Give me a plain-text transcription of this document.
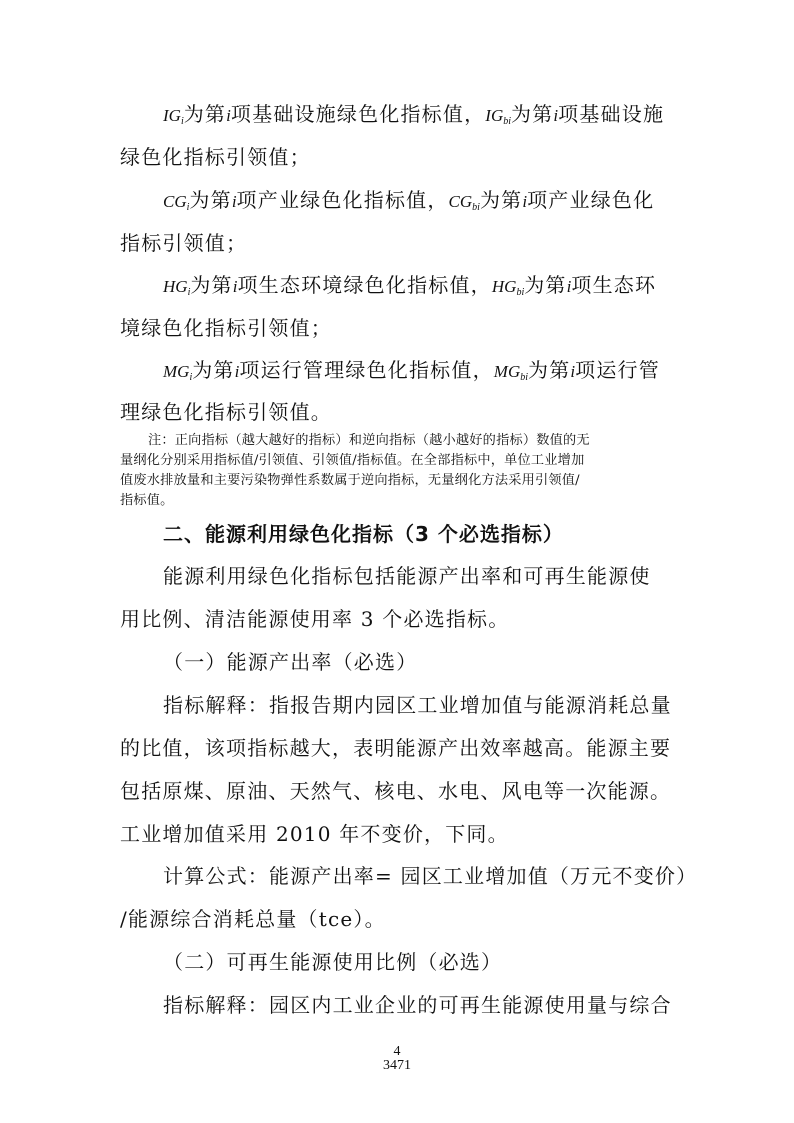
$IG_i$为第i项基础设施绿色化指标值，$IG_{bi}$为第i项基础设施
绿色化指标引领值；
$CG_i$为第i项产业绿色化指标值，$CG_{bi}$为第i项产业绿色化
指标引领值；
$HG_i$为第i项生态环境绿色化指标值，$HG_{bi}$为第i项生态环
境绿色化指标引领值；
$MG_i$为第i项运行管理绿色化指标值，$MG_{bi}$为第i项运行管
理绿色化指标引领值。
注：正向指标（越大越好的指标）和逆向指标（越小越好的指标）数值的无
量纲化分别采用指标值/引领值、引领值/指标值。在全部指标中，单位工业增加
值废水排放量和主要污染物弹性系数属于逆向指标，无量纲化方法采用引领值/
指标值。
二、能源利用绿色化指标（3 个必选指标）
能源利用绿色化指标包括能源产出率和可再生能源使
用比例、清洁能源使用率 3 个必选指标。
（一）能源产出率（必选）
指标解释：指报告期内园区工业增加值与能源消耗总量
的比值，该项指标越大，表明能源产出效率越高。能源主要
包括原煤、原油、天然气、核电、水电、风电等一次能源。
工业增加值采用 2010 年不变价，下同。
计算公式：能源产出率= 园区工业增加值（万元不变价）
/能源综合消耗总量（tce）。
（二）可再生能源使用比例（必选）
指标解释：园区内工业企业的可再生能源使用量与综合
4
3471
